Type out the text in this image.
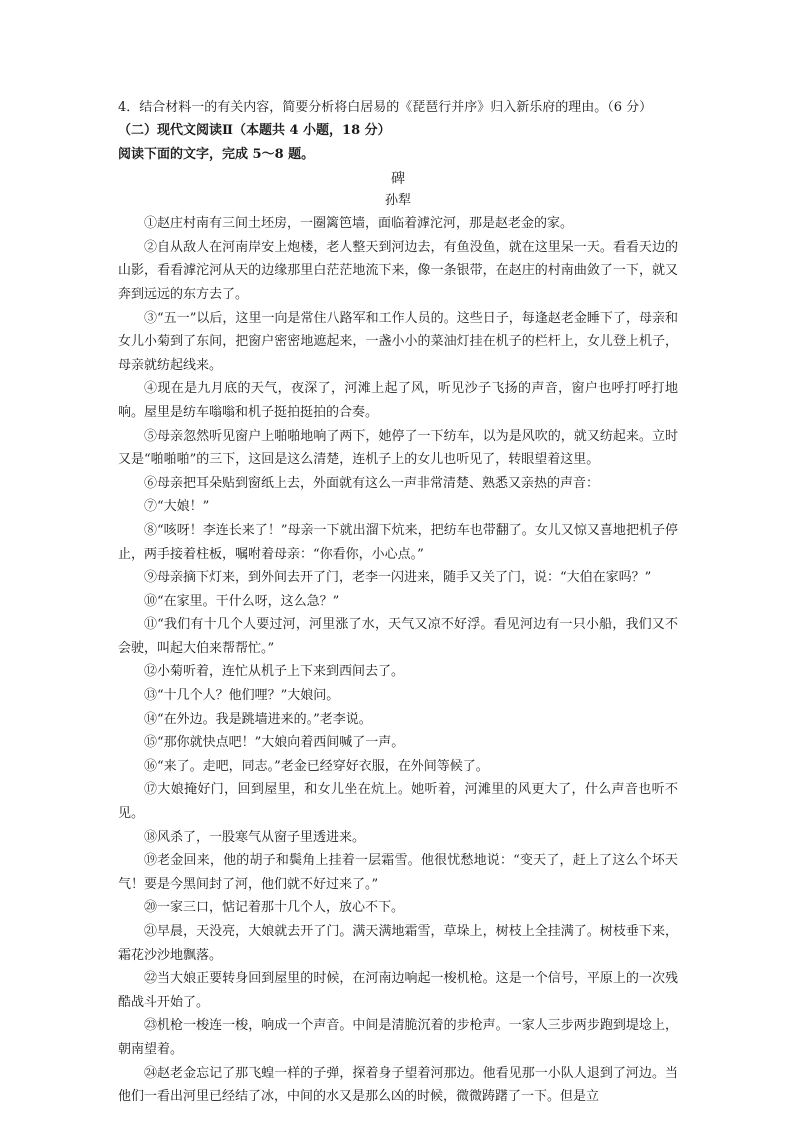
4．结合材料一的有关内容，简要分析将白居易的《琵琶行并序》归入新乐府的理由。（6 分）
（二）现代文阅读Ⅱ（本题共 4 小题，18 分）
阅读下面的文字，完成 5～8 题。
碑
孙犁
①赵庄村南有三间土坯房，一圈篱笆墙，面临着滹沱河，那是赵老金的家。
②自从敌人在河南岸安上炮楼，老人整天到河边去，有鱼没鱼，就在这里呆一天。看看天边的山影，看看滹沱河从天的边缘那里白茫茫地流下来，像一条银带，在赵庄的村南曲敛了一下，就又奔到远远的东方去了。
③“五一”以后，这里一向是常住八路军和工作人员的。这些日子，每逢赵老金睡下了，母亲和女儿小菊到了东间，把窗户密密地遮起来，一盏小小的菜油灯挂在机子的栏杆上，女儿登上机子，母亲就纺起线来。
④现在是九月底的天气，夜深了，河滩上起了风，听见沙子飞扬的声音，窗户也呼打呼打地响。屋里是纺车嗡嗡和机子挺拍挺拍的合奏。
⑤母亲忽然听见窗户上啪啪地响了两下，她停了一下纺车，以为是风吹的，就又纺起来。立时又是“啪啪啪”的三下，这回是这么清楚，连机子上的女儿也听见了，转眼望着这里。
⑥母亲把耳朵贴到窗纸上去，外面就有这么一声非常清楚、熟悉又亲热的声音：
⑦“大娘！”
⑧“咳呀！李连长来了！”母亲一下就出溜下炕来，把纺车也带翻了。女儿又惊又喜地把机子停止，两手接着柱板，嘱咐着母亲：“你看你，小心点。”
⑨母亲摘下灯来，到外间去开了门，老李一闪进来，随手又关了门，说：“大伯在家吗？”
⑩“在家里。干什么呀，这么急？”
⑪“我们有十几个人要过河，河里涨了水，天气又凉不好浮。看见河边有一只小船，我们又不会驶，叫起大伯来帮帮忙。”
⑫小菊听着，连忙从机子上下来到西间去了。
⑬“十几个人？他们哩？”大娘问。
⑭“在外边。我是跳墙进来的。”老李说。
⑮“那你就快点吧！”大娘向着西间喊了一声。
⑯“来了。走吧，同志。”老金已经穿好衣服，在外间等候了。
⑰大娘掩好门，回到屋里，和女儿坐在炕上。她听着，河滩里的风更大了，什么声音也听不见。
⑱风杀了，一股寒气从窗子里透进来。
⑲老金回来，他的胡子和鬓角上挂着一层霜雪。他很忧愁地说：“变天了，赶上了这么个坏天气！要是今黑间封了河，他们就不好过来了。”
⑳一家三口，惦记着那十几个人，放心不下。
㉑早晨，天没亮，大娘就去开了门。满天满地霜雪，草垛上，树枝上全挂满了。树枝垂下来，霜花沙沙地飘落。
㉒当大娘正要转身回到屋里的时候，在河南边响起一梭机枪。这是一个信号，平原上的一次残酷战斗开始了。
㉓机枪一梭连一梭，响成一个声音。中间是清脆沉着的步枪声。一家人三步两步跑到堤埝上，朝南望着。
㉔赵老金忘记了那飞蝗一样的子弹，探着身子望着河那边。他看见那一小队人退到了河边。当他们一看出河里已经结了冰，中间的水又是那么凶的时候，微微踌躇了一下。但是立
